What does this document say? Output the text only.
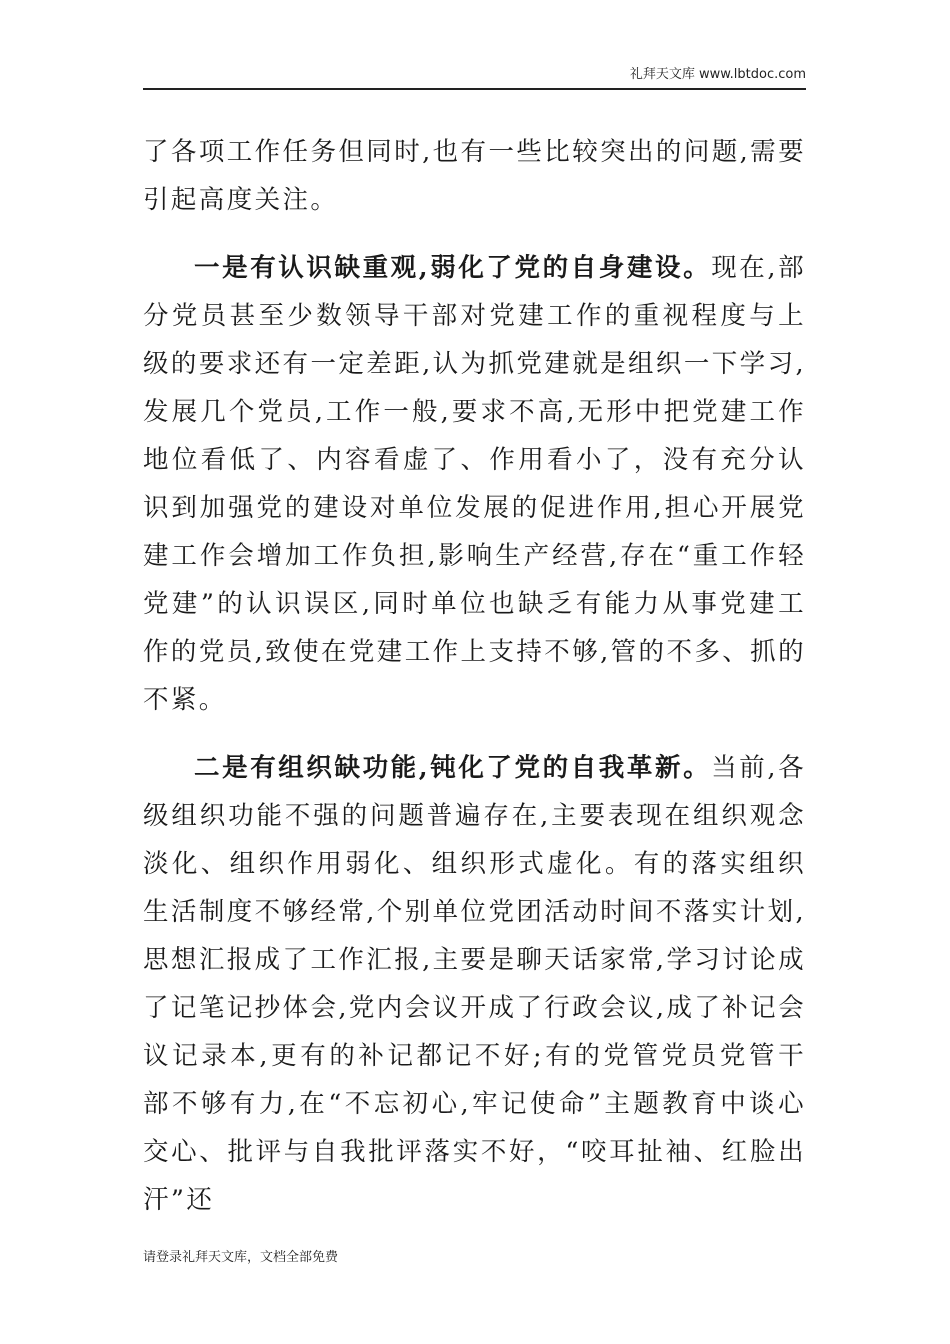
礼拜天文库 www.lbtdoc.com

了各项工作任务但同时,也有一些比较突出的问题,需要引起高度关注。

一是有认识缺重观,弱化了党的自身建设。现在,部分党员甚至少数领导干部对党建工作的重视程度与上级的要求还有一定差距,认为抓党建就是组织一下学习,发展几个党员,工作一般,要求不高,无形中把党建工作地位看低了、内容看虚了、作用看小了，没有充分认识到加强党的建设对单位发展的促进作用,担心开展党建工作会增加工作负担,影响生产经营,存在“重工作轻党建”的认识误区,同时单位也缺乏有能力从事党建工作的党员,致使在党建工作上支持不够,管的不多、抓的不紧。

二是有组织缺功能,钝化了党的自我革新。当前,各级组织功能不强的问题普遍存在,主要表现在组织观念淡化、组织作用弱化、组织形式虚化。有的落实组织生活制度不够经常,个别单位党团活动时间不落实计划,思想汇报成了工作汇报,主要是聊天话家常,学习讨论成了记笔记抄体会,党内会议开成了行政会议,成了补记会议记录本,更有的补记都记不好;有的党管党员党管干部不够有力,在“不忘初心,牢记使命”主题教育中谈心交心、批评与自我批评落实不好，“咬耳扯袖、红脸出汗”还

请登录礼拜天文库，文档全部免费
